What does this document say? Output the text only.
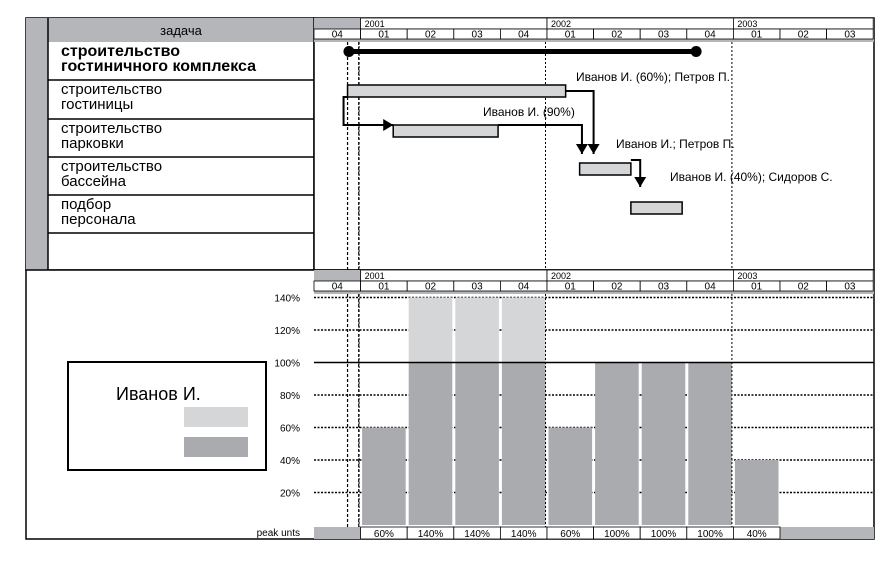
задача
строительство
гостиничного комплекса
строительство
гостиницы
строительство
парковки
строительство
бассейна
подбор
персонала
2001	2002	2003
04	01	02	03	04	01	02	03	04	01	02	03
Иванов И. (60%); Петров П.
Иванов И. (90%)
Иванов И.; Петров П.
Иванов И. (40%); Сидоров С.
2001	2002	2003
04	01	02	03	04	01	02	03	04	01	02	03
20%
40%
60%
80%
100%
120%
140%
60% 140% 140% 140% 60% 100% 100% 100% 40%
peak unts
Иванов И.
